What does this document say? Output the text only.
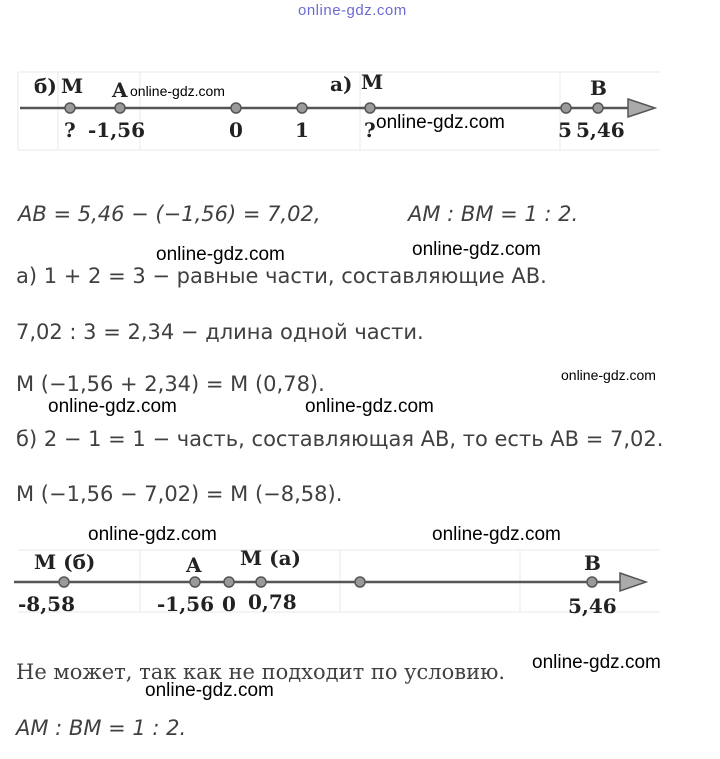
online-gdz.com
б) M A	а) M	B
? -1,56	0	1	?	5 5,46
online-gdz.com
online-gdz.com
AB = 5,46 − (−1,56) = 7,02,	AM : BM = 1 : 2.
online-gdz.com	online-gdz.com
а) 1 + 2 = 3 − равные части, составляющие AB.
7,02 : 3 = 2,34 − длина одной части.
M (−1,56 + 2,34) = M (0,78).	online-gdz.com
online-gdz.com	online-gdz.com
б) 2 − 1 = 1 − часть, составляющая AB, то есть AB = 7,02.
M (−1,56 − 7,02) = M (−8,58).
online-gdz.com	online-gdz.com
M (б)	A M (a)	B
-8,58	-1,56 0 0,78	5,46
Не может, так как не подходит по условию. online-gdz.com
online-gdz.com
AM : BM = 1 : 2.
